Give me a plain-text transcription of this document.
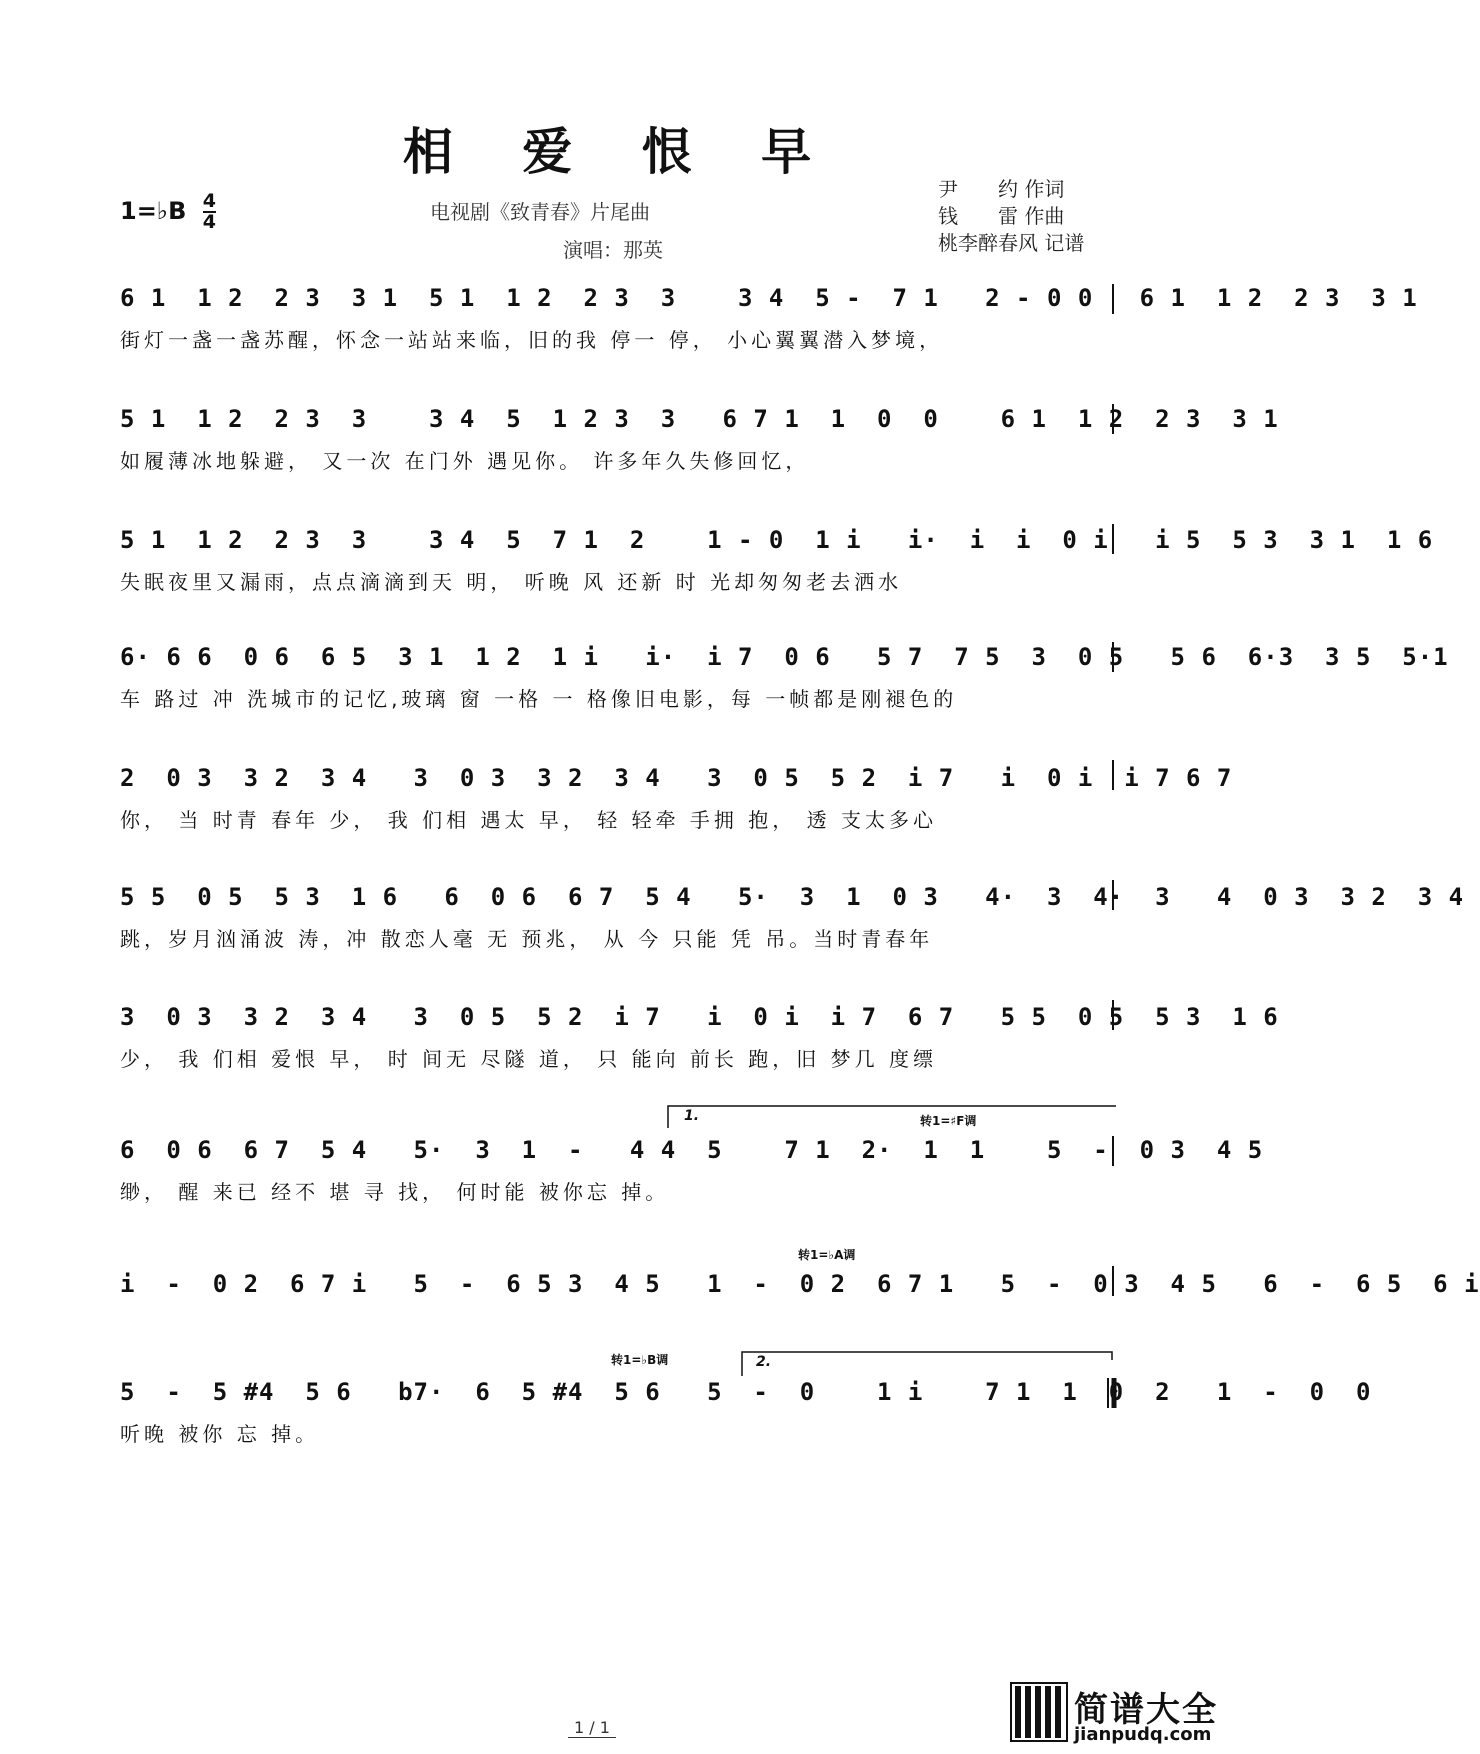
相 爱 恨 早
1=♭B $\frac{4}{4}$	电视剧《致青春》片尾曲
演唱：那英
尹　　约 作词
钱　　雷 作曲
桃李醉春风 记谱
6 1  1 2  2 3  3 1  5 1  1 2  2 3  3    3 4  5 -  7 1   2 - 0 0   6 1  1 2  2 3  3 1
街灯一盏一盏苏醒，怀念一站站来临，旧的我 停一 停， 小心翼翼潜入梦境，
5 1  1 2  2 3  3    3 4  5  1 2 3  3   6 7 1  1  0  0    6 1  1 2  2 3  3 1
如履薄冰地躲避， 又一次 在门外 遇见你。 许多年久失修回忆，
5 1  1 2  2 3  3    3 4  5  7 1  2    1 - 0  1 i   i·  i  i  0 i   i 5  5 3  3 1  1 6
失眠夜里又漏雨，点点滴滴到天 明， 听晚 风 还新 时 光却匆匆老去洒水
6· 6 6  0 6  6 5  3 1  1 2  1 i   i·  i 7  0 6   5 7  7 5  3  0 5   5 6  6·3  3 5  5·1
车 路过 冲 洗城市的记忆,玻璃 窗 一格 一 格像旧电影，每 一帧都是刚褪色的
2  0 3  3 2  3 4   3  0 3  3 2  3 4   3  0 5  5 2  i 7   i  0 i  i 7 6 7
你， 当 时青 春年 少， 我 们相 遇太 早， 轻 轻牵 手拥 抱， 透 支太多心
5 5  0 5  5 3  1 6   6  0 6  6 7  5 4   5·  3  1  0 3   4·  3  4·  3   4  0 3  3 2  3 4
跳，岁月汹涌波 涛，冲 散恋人毫 无 预兆， 从 今 只能 凭 吊。当时青春年
3  0 3  3 2  3 4   3  0 5  5 2  i 7   i  0 i  i 7  6 7   5 5  0 5  5 3  1 6
少， 我 们相 爱恨 早， 时 间无 尽隧 道， 只 能向 前长 跑，旧 梦几 度缥
6  0 6  6 7  5 4   5·  3  1  -   4 4  5    7 1  2·  1  1    5  -  0 3  4 5
缈， 醒 来已 经不 堪 寻 找， 何时能 被你忘 掉。
i  -  0 2  6 7 i   5  -  6 5 3  4 5   1  -  0 2  6 7 1   5  -  0 3  4 5   6  -  6 5  6 i
5  -  5 #4  5 6   b7·  6  5 #4  5 6   5  -  0    1 i    7 1  1  0  2   1  -  0  0
听晚 被你 忘 掉。
1.
2.
转1=♯F调
转1=♭A调
转1=♭B调
1 / 1	简谱大全
jianpudq.com
